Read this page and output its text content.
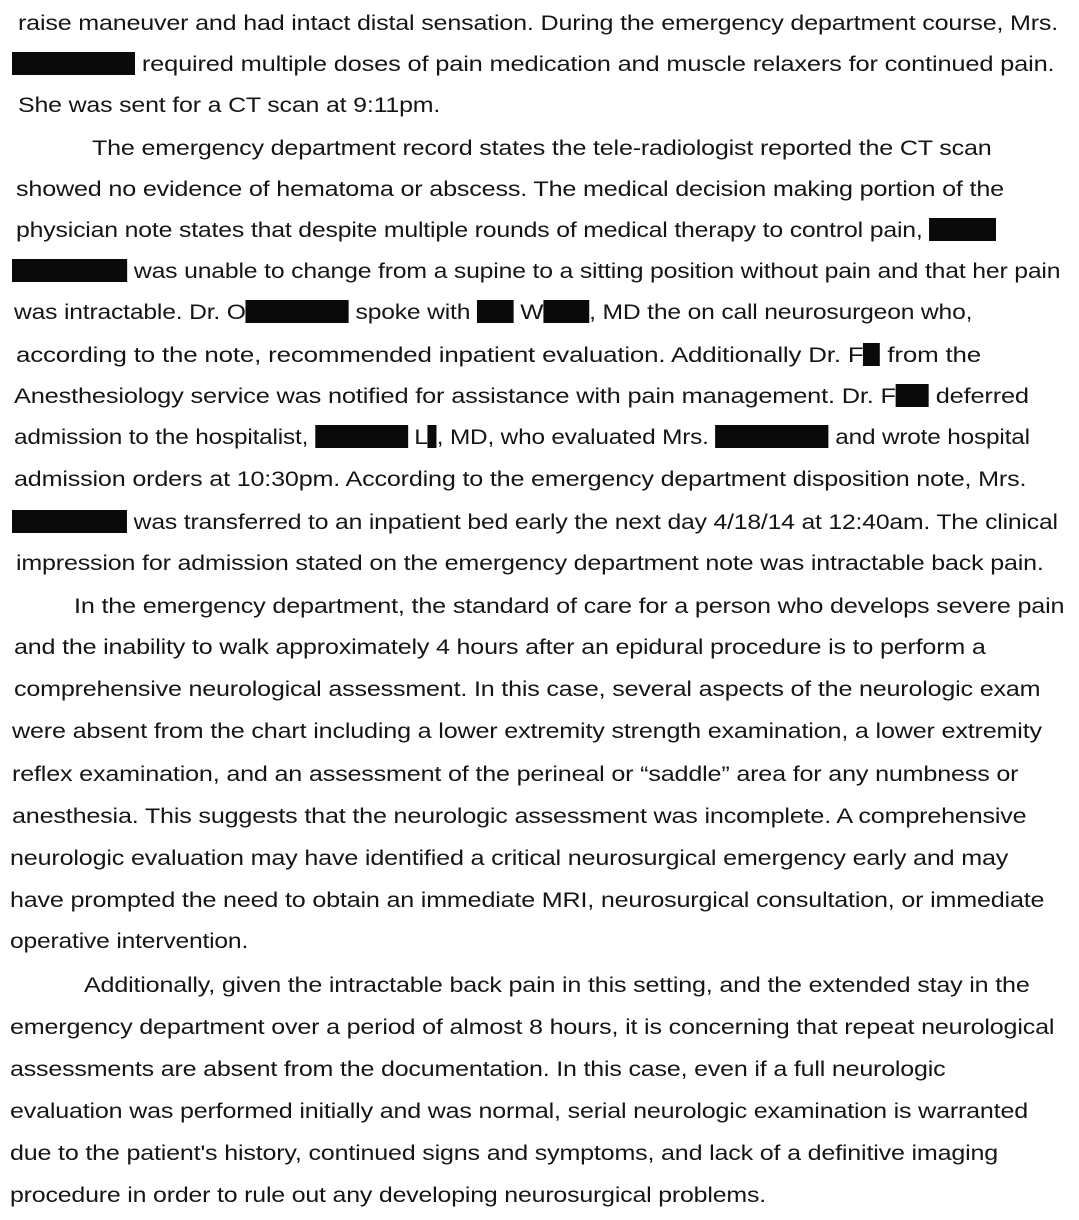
raise maneuver and had intact distal sensation. During the emergency department course, Mrs.
required multiple doses of pain medication and muscle relaxers for continued pain.
She was sent for a CT scan at 9:11pm.
The emergency department record states the tele-radiologist reported the CT scan
showed no evidence of hematoma or abscess. The medical decision making portion of the
physician note states that despite multiple rounds of medical therapy to control pain,
was unable to change from a supine to a sitting position without pain and that her pain
was intractable. Dr. O	spoke with  W , MD the on call neurosurgeon who,
according to the note, recommended inpatient evaluation. Additionally Dr. F from the
Anesthesiology service was notified for assistance with pain management. Dr. F deferred
admission to the hospitalist,	L , MD, who evaluated Mrs.	and wrote hospital
admission orders at 10:30pm. According to the emergency department disposition note, Mrs.
was transferred to an inpatient bed early the next day 4/18/14 at 12:40am. The clinical
impression for admission stated on the emergency department note was intractable back pain.
In the emergency department, the standard of care for a person who develops severe pain
and the inability to walk approximately 4 hours after an epidural procedure is to perform a
comprehensive neurological assessment. In this case, several aspects of the neurologic exam
were absent from the chart including a lower extremity strength examination, a lower extremity
reflex examination, and an assessment of the perineal or “saddle” area for any numbness or
anesthesia. This suggests that the neurologic assessment was incomplete. A comprehensive
neurologic evaluation may have identified a critical neurosurgical emergency early and may
have prompted the need to obtain an immediate MRI, neurosurgical consultation, or immediate
operative intervention.
Additionally, given the intractable back pain in this setting, and the extended stay in the
emergency department over a period of almost 8 hours, it is concerning that repeat neurological
assessments are absent from the documentation. In this case, even if a full neurologic
evaluation was performed initially and was normal, serial neurologic examination is warranted
due to the patient's history, continued signs and symptoms, and lack of a definitive imaging
procedure in order to rule out any developing neurosurgical problems.
